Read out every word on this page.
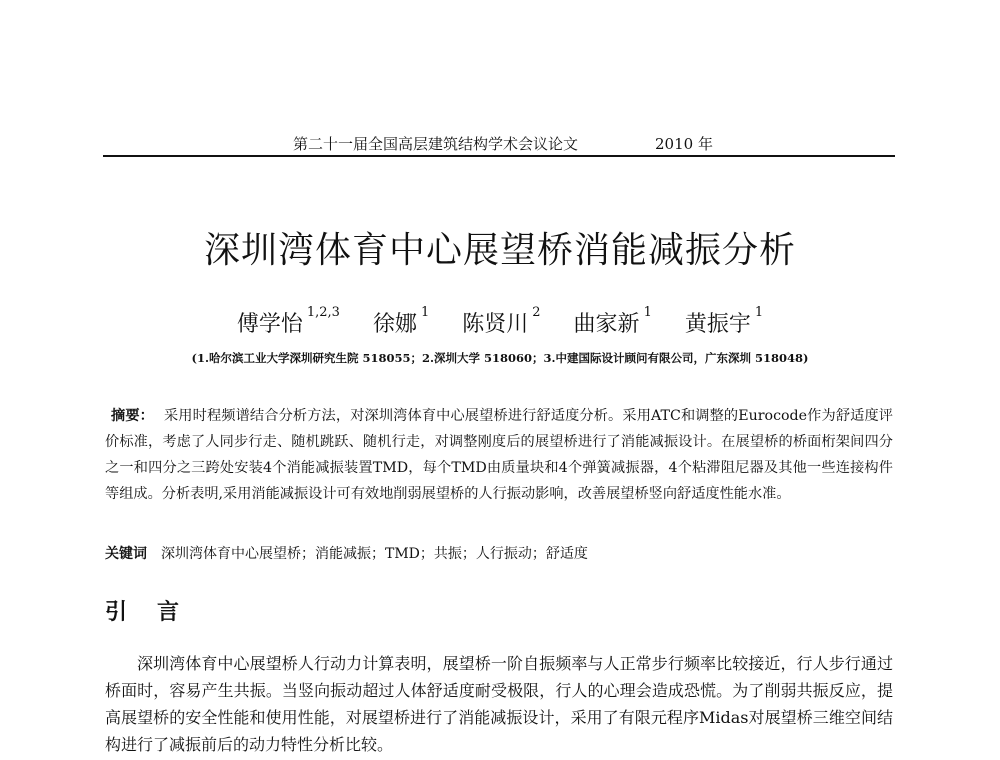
第二十一届全国高层建筑结构学术会议论文	2010 年
深圳湾体育中心展望桥消能减振分析
傅学怡 $^{1,2,3}$ 徐娜 $^1$ 陈贤川 $^2$ 曲家新 $^1$ 黄振宇 $^1$
(1.哈尔滨工业大学深圳研究生院 518055；2.深圳大学 518060；3.中建国际设计顾问有限公司，广东深圳 518048)
摘要： 采用时程频谱结合分析方法，对深圳湾体育中心展望桥进行舒适度分析。采用ATC和调整的Eurocode作为舒适度评价标准，考虑了人同步行走、随机跳跃、随机行走，对调整刚度后的展望桥进行了消能减振设计。在展望桥的桥面桁架间四分之一和四分之三跨处安装4个消能减振装置TMD，每个TMD由质量块和4个弹簧减振器，4个粘滞阻尼器及其他一些连接构件等组成。分析表明,采用消能减振设计可有效地削弱展望桥的人行振动影响，改善展望桥竖向舒适度性能水准。
关键词 深圳湾体育中心展望桥；消能减振；TMD；共振；人行振动；舒适度
引言
深圳湾体育中心展望桥人行动力计算表明，展望桥一阶自振频率与人正常步行频率比较接近，行人步行通过桥面时，容易产生共振。当竖向振动超过人体舒适度耐受极限，行人的心理会造成恐慌。为了削弱共振反应，提高展望桥的安全性能和使用性能，对展望桥进行了消能减振设计，采用了有限元程序Midas对展望桥三维空间结构进行了减振前后的动力特性分析比较。
